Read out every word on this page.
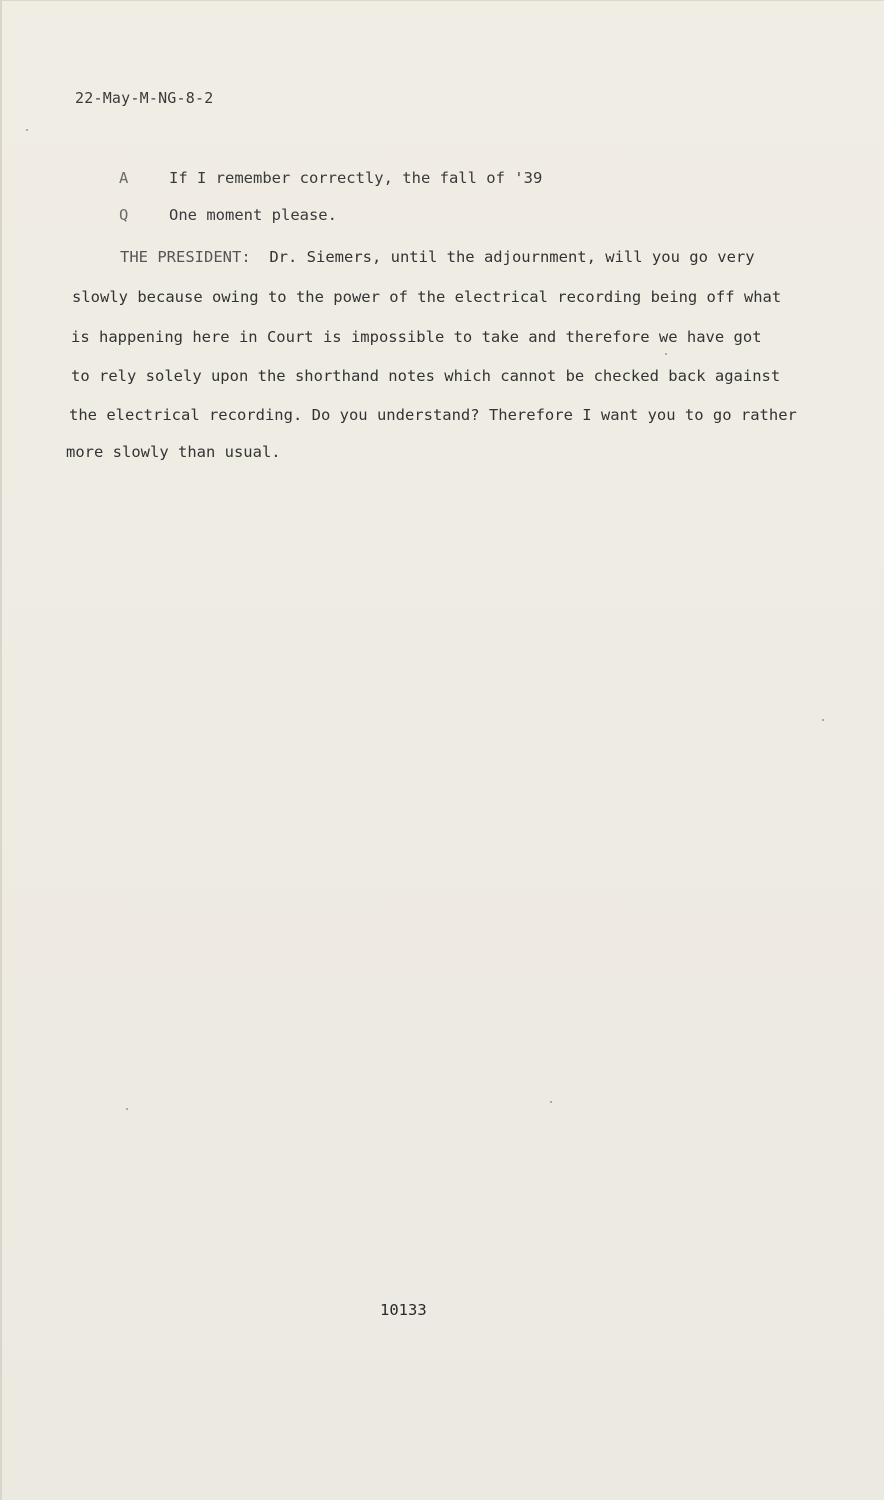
22-May-M-NG-8-2
A	If I remember correctly, the fall of '39
Q	One moment please.
THE PRESIDENT: Dr. Siemers, until the adjournment, will you go very
slowly because owing to the power of the electrical recording being off what
is happening here in Court is impossible to take and therefore we have got
to rely solely upon the shorthand notes which cannot be checked back against
the electrical recording. Do you understand? Therefore I want you to go rather
more slowly than usual.
10133
